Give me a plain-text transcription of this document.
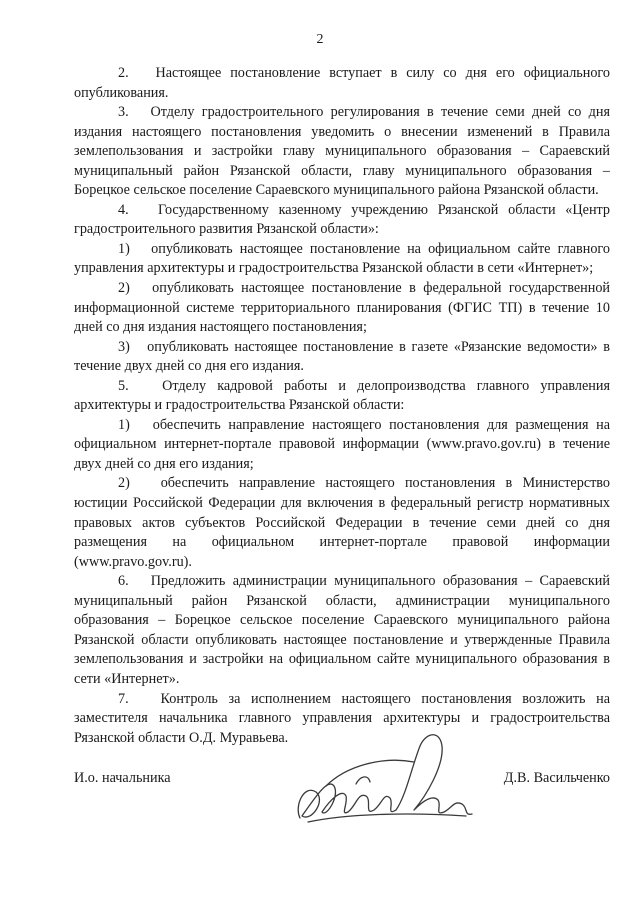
2

2. Настоящее постановление вступает в силу со дня его официального опубликования.

3. Отделу градостроительного регулирования в течение семи дней со дня издания настоящего постановления уведомить о внесении изменений в Правила землепользования и застройки главу муниципального образования – Сараевский муниципальный район Рязанской области, главу муниципального образования – Борецкое сельское поселение Сараевского муниципального района Рязанской области.

4. Государственному казенному учреждению Рязанской области «Центр градостроительного развития Рязанской области»:

1) опубликовать настоящее постановление на официальном сайте главного управления архитектуры и градостроительства Рязанской области в сети «Интернет»;

2) опубликовать настоящее постановление в федеральной государственной информационной системе территориального планирования (ФГИС ТП) в течение 10 дней со дня издания настоящего постановления;

3) опубликовать настоящее постановление в газете «Рязанские ведомости» в течение двух дней со дня его издания.

5. Отделу кадровой работы и делопроизводства главного управления архитектуры и градостроительства Рязанской области:

1) обеспечить направление настоящего постановления для размещения на официальном интернет-портале правовой информации (www.pravo.gov.ru) в течение двух дней со дня его издания;

2) обеспечить направление настоящего постановления в Министерство юстиции Российской Федерации для включения в федеральный регистр нормативных правовых актов субъектов Российской Федерации в течение семи дней со дня размещения на официальном интернет-портале правовой информации (www.pravo.gov.ru).

6. Предложить администрации муниципального образования – Сараевский муниципальный район Рязанской области, администрации муниципального образования – Борецкое сельское поселение Сараевского муниципального района Рязанской области опубликовать настоящее постановление и утвержденные Правила землепользования и застройки на официальном сайте муниципального образования в сети «Интернет».

7. Контроль за исполнением настоящего постановления возложить на заместителя начальника главного управления архитектуры и градостроительства Рязанской области О.Д. Муравьева.

И.о. начальника	Д.В. Васильченко
